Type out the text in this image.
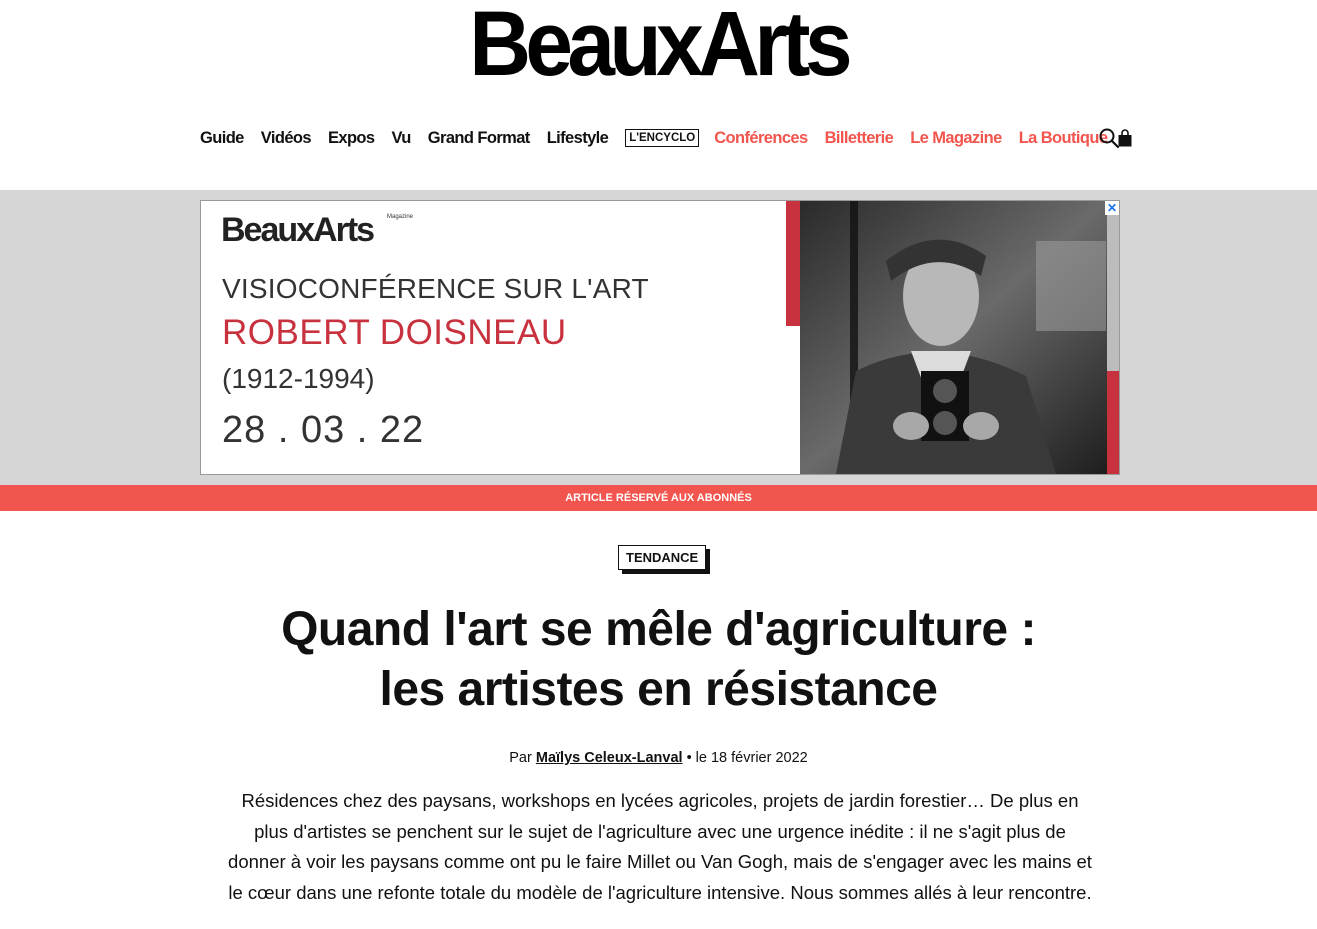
BeauxArts
Guide Vidéos Expos Vu Grand Format Lifestyle	L'ENCYCLO Conférences Billetterie Le Magazine La Boutique
BeauxArts Magazine
VISIOCONFÉRENCE SUR L'ART
ROBERT DOISNEAU
(1912-1994)
28 . 03 . 22
✕
ARTICLE RÉSERVÉ AUX ABONNÉS
TENDANCE
Quand l'art se mêle d'agriculture :
les artistes en résistance
Par Maïlys Celeux-Lanval • le 18 février 2022

Résidences chez des paysans, workshops en lycées agricoles, projets de jardin forestier… De plus en plus d'artistes se penchent sur le sujet de l'agriculture avec une urgence inédite : il ne s'agit plus de donner à voir les paysans comme ont pu le faire Millet ou Van Gogh, mais de s'engager avec les mains et le cœur dans une refonte totale du modèle de l'agriculture intensive. Nous sommes allés à leur rencontre.
